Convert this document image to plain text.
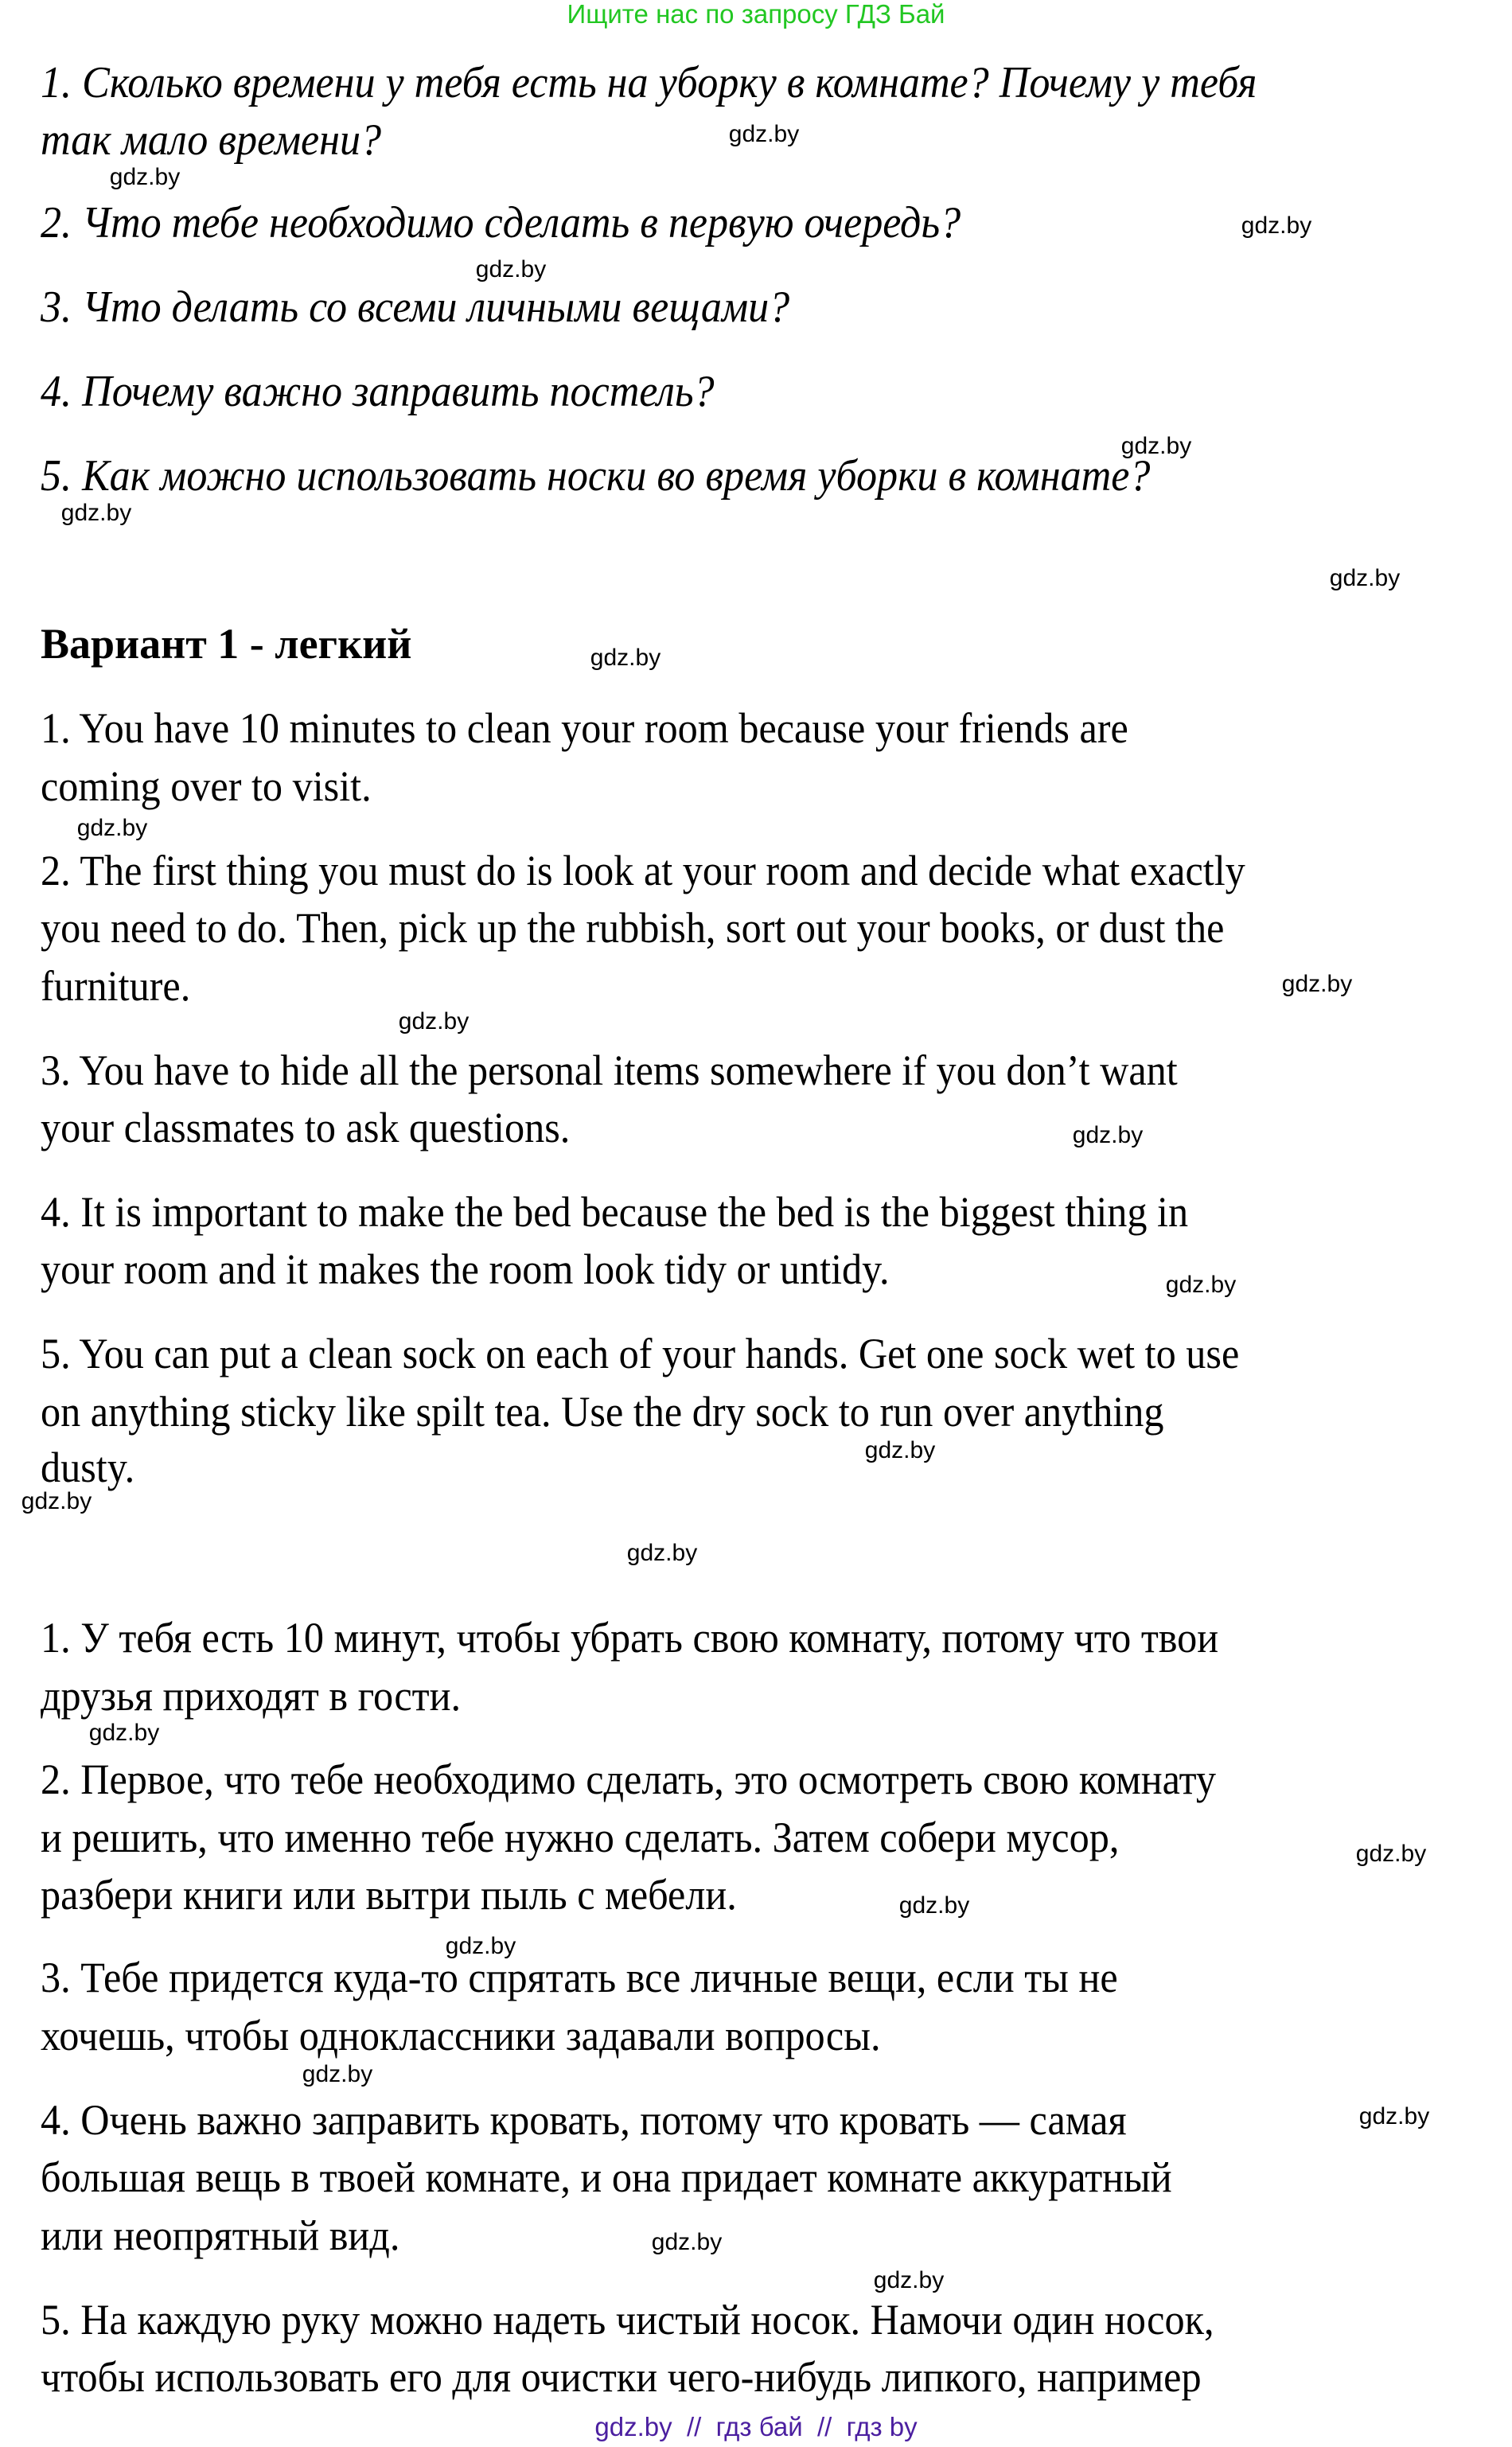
Ищите нас по запросу ГДЗ Бай
1. Сколько времени у тебя есть на уборку в комнате? Почему у тебя
так мало времени?
2. Что тебе необходимо сделать в первую очередь?
3. Что делать со всеми личными вещами?
4. Почему важно заправить постель?
5. Как можно использовать носки во время уборки в комнате?
Вариант 1 - легкий
1. You have 10 minutes to clean your room because your friends are
coming over to visit.
2. The first thing you must do is look at your room and decide what exactly
you need to do. Then, pick up the rubbish, sort out your books, or dust the
furniture.
3. You have to hide all the personal items somewhere if you don’t want
your classmates to ask questions.
4. It is important to make the bed because the bed is the biggest thing in
your room and it makes the room look tidy or untidy.
5. You can put a clean sock on each of your hands. Get one sock wet to use
on anything sticky like spilt tea. Use the dry sock to run over anything
dusty.
1. У тебя есть 10 минут, чтобы убрать свою комнату, потому что твои
друзья приходят в гости.
2. Первое, что тебе необходимо сделать, это осмотреть свою комнату
и решить, что именно тебе нужно сделать. Затем собери мусор,
разбери книги или вытри пыль с мебели.
3. Тебе придется куда-то спрятать все личные вещи, если ты не
хочешь, чтобы одноклассники задавали вопросы.
4. Очень важно заправить кровать, потому что кровать — самая
большая вещь в твоей комнате, и она придает комнате аккуратный
или неопрятный вид.
5. На каждую руку можно надеть чистый носок. Намочи один носок,
чтобы использовать его для очистки чего-нибудь липкого, например
gdz.by
gdz.by
gdz.by
gdz.by
gdz.by
gdz.by
gdz.by
gdz.by
gdz.by
gdz.by
gdz.by
gdz.by
gdz.by
gdz.by
gdz.by
gdz.by
gdz.by
gdz.by
gdz.by
gdz.by
gdz.by
gdz.by
gdz.by
gdz.by
gdz.by  //  гдз бай  //  гдз by
